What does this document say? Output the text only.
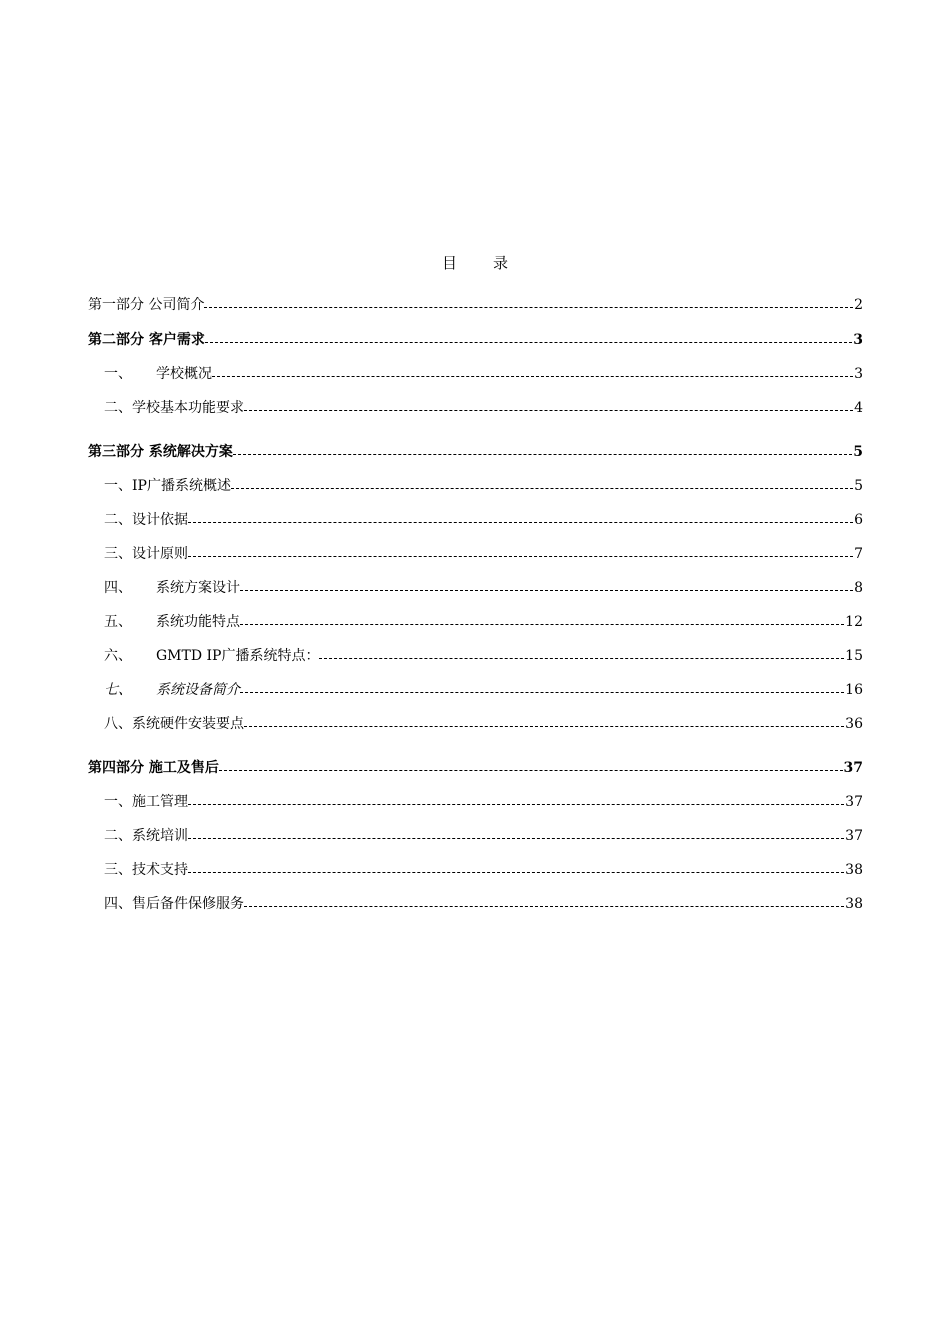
目 录
第一部分 公司简介	2
第二部分 客户需求	3
一、 学校概况	3
二、学校基本功能要求	4
第三部分 系统解决方案	5
一、IP广播系统概述	5
二、设计依据	6
三、设计原则	7
四、 系统方案设计	8
五、 系统功能特点	12
六、 GMTD IP广播系统特点：	15
七、 系统设备简介	16
八、系统硬件安装要点	36
第四部分 施工及售后	37
一、施工管理	37
二、系统培训	37
三、技术支持	38
四、售后备件保修服务	38
